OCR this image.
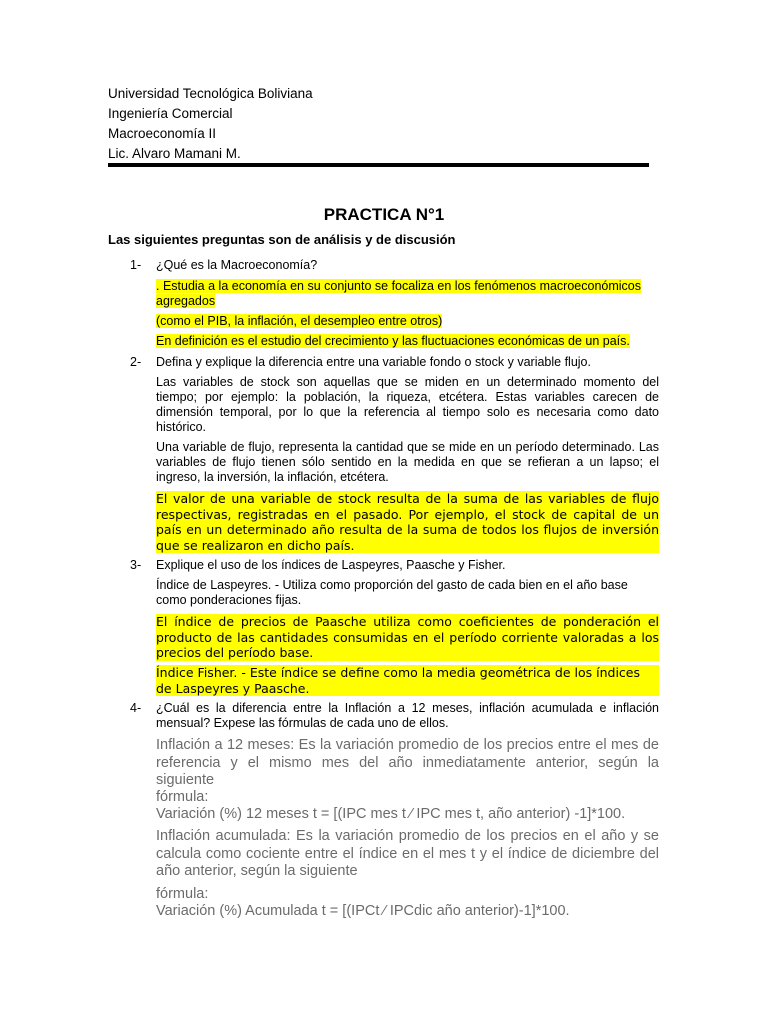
Universidad Tecnológica Boliviana
Ingeniería Comercial
Macroeconomía II
Lic. Alvaro Mamani M.
PRACTICA N°1
Las siguientes preguntas son de análisis y de discusión
1- ¿Qué es la Macroeconomía?
. Estudia a la economía en su conjunto se focaliza en los fenómenos macroeconómicos agregados
(como el PIB, la inflación, el desempleo entre otros)
En definición es el estudio del crecimiento y las fluctuaciones económicas de un país.
2- Defina y explique la diferencia entre una variable fondo o stock y variable flujo.
Las variables de stock son aquellas que se miden en un determinado momento del tiempo; por ejemplo: la población, la riqueza, etcétera. Estas variables carecen de dimensión temporal, por lo que la referencia al tiempo solo es necesaria como dato histórico.
Una variable de flujo, representa la cantidad que se mide en un período determinado. Las variables de flujo tienen sólo sentido en la medida en que se refieran a un lapso; el ingreso, la inversión, la inflación, etcétera.
El valor de una variable de stock resulta de la suma de las variables de flujo respectivas, registradas en el pasado. Por ejemplo, el stock de capital de un país en un determinado año resulta de la suma de todos los flujos de inversión que se realizaron en dicho país.
3- Explique el uso de los índices de Laspeyres, Paasche y Fisher.
Índice de Laspeyres. - Utiliza como proporción del gasto de cada bien en el año base como ponderaciones fijas.
El índice de precios de Paasche utiliza como coeficientes de ponderación el producto de las cantidades consumidas en el período corriente valoradas a los precios del período base.
Índice Fisher. - Este índice se define como la media geométrica de los índices de Laspeyres y Paasche.
4- ¿Cuál es la diferencia entre la Inflación a 12 meses, inflación acumulada e inflación mensual? Expese las fórmulas de cada uno de ellos.
Inflación a 12 meses: Es la variación promedio de los precios entre el mes de referencia y el mismo mes del año inmediatamente anterior, según la siguiente
fórmula:
Variación (%) 12 meses t = [(IPC mes t ⁄ IPC mes t, año anterior) -1]*100.
Inflación acumulada: Es la variación promedio de los precios en el año y se calcula como cociente entre el índice en el mes t y el índice de diciembre del año anterior, según la siguiente
fórmula:
Variación (%) Acumulada t = [(IPCt ⁄ IPCdic año anterior)-1]*100.
